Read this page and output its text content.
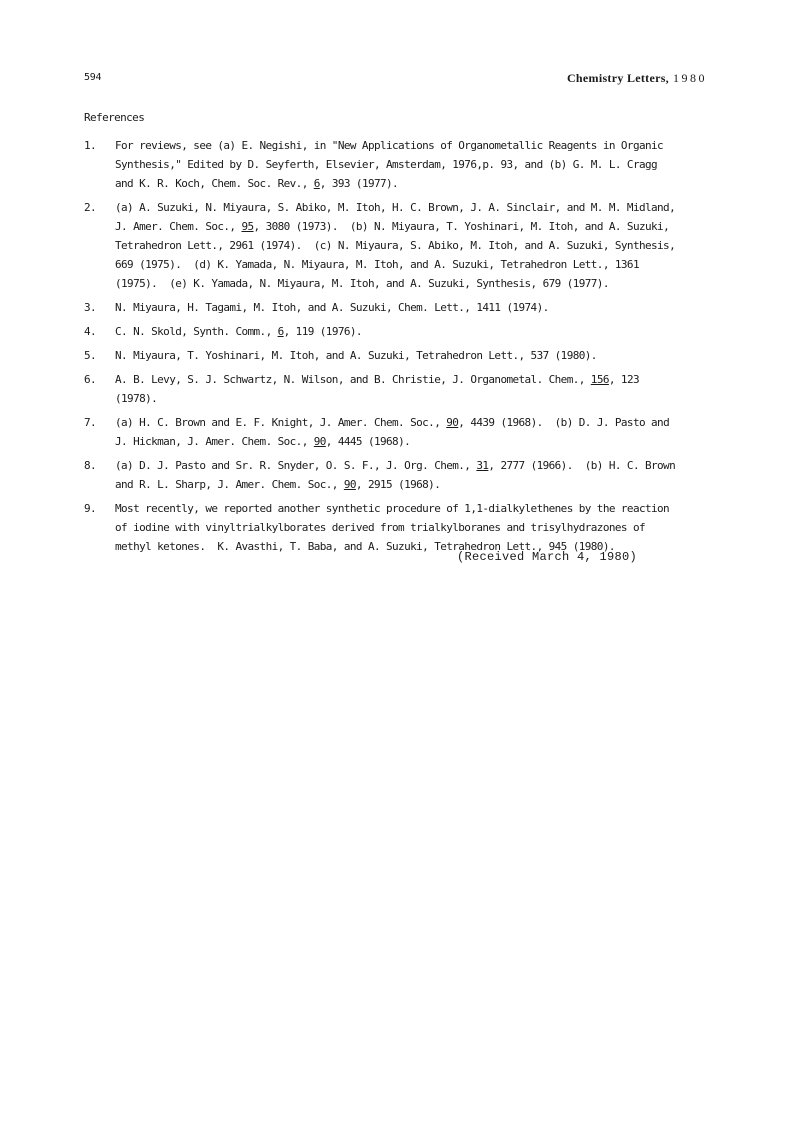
594	Chemistry Letters, 1980
References
1.	For reviews, see (a) E. Negishi, in "New Applications of Organometallic Reagents in Organic
Synthesis," Edited by D. Seyferth, Elsevier, Amsterdam, 1976,p. 93, and (b) G. M. L. Cragg
and K. R. Koch, Chem. Soc. Rev., 6, 393 (1977).
2.	(a) A. Suzuki, N. Miyaura, S. Abiko, M. Itoh, H. C. Brown, J. A. Sinclair, and M. M. Midland,
J. Amer. Chem. Soc., 95, 3080 (1973).  (b) N. Miyaura, T. Yoshinari, M. Itoh, and A. Suzuki,
Tetrahedron Lett., 2961 (1974).  (c) N. Miyaura, S. Abiko, M. Itoh, and A. Suzuki, Synthesis,
669 (1975).  (d) K. Yamada, N. Miyaura, M. Itoh, and A. Suzuki, Tetrahedron Lett., 1361
(1975).  (e) K. Yamada, N. Miyaura, M. Itoh, and A. Suzuki, Synthesis, 679 (1977).
3.	N. Miyaura, H. Tagami, M. Itoh, and A. Suzuki, Chem. Lett., 1411 (1974).
4.	C. N. Skold, Synth. Comm., 6, 119 (1976).
5.	N. Miyaura, T. Yoshinari, M. Itoh, and A. Suzuki, Tetrahedron Lett., 537 (1980).
6.	A. B. Levy, S. J. Schwartz, N. Wilson, and B. Christie, J. Organometal. Chem., 156, 123
(1978).
7.	(a) H. C. Brown and E. F. Knight, J. Amer. Chem. Soc., 90, 4439 (1968).  (b) D. J. Pasto and
J. Hickman, J. Amer. Chem. Soc., 90, 4445 (1968).
8.	(a) D. J. Pasto and Sr. R. Snyder, O. S. F., J. Org. Chem., 31, 2777 (1966).  (b) H. C. Brown
and R. L. Sharp, J. Amer. Chem. Soc., 90, 2915 (1968).
9.	Most recently, we reported another synthetic procedure of 1,1-dialkylethenes by the reaction
of iodine with vinyltrialkylborates derived from trialkylboranes and trisylhydrazones of
methyl ketones.  K. Avasthi, T. Baba, and A. Suzuki, Tetrahedron Lett., 945 (1980).
(Received March 4, 1980)
